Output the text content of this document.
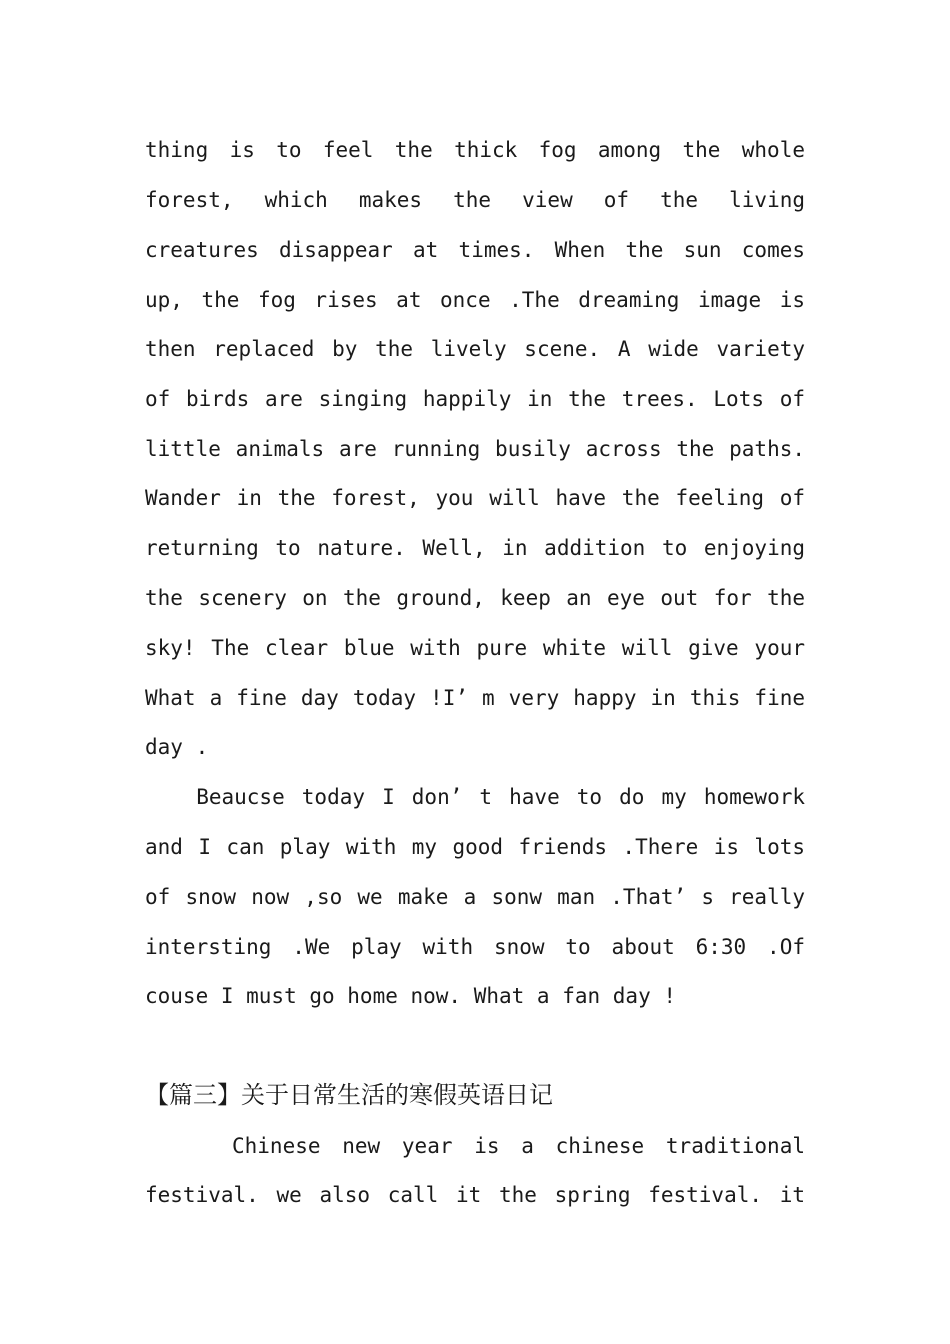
thing is to feel the thick fog among the whole
forest, which makes the view of the living
creatures disappear at times. When the sun comes
up, the fog rises at once .The dreaming image is
then replaced by the lively scene. A wide variety
of birds are singing happily in the trees. Lots of
little animals are running busily across the paths.
Wander in the forest, you will have the feeling of
returning to nature. Well, in addition to enjoying
the scenery on the ground, keep an eye out for the
sky! The clear blue with pure white will give your
What a fine day today !I’ m very happy in this fine
day .
Beaucse today I don’ t have to do my homework
and I can play with my good friends .There is lots
of snow now ,so we make a sonw man .That’ s really
intersting .We play with snow to about 6:30 .Of
couse I must go home now. What a fan day !
【篇三】关于日常生活的寒假英语日记
Chinese new year is a chinese traditional
festival. we also call it the spring festival. it
